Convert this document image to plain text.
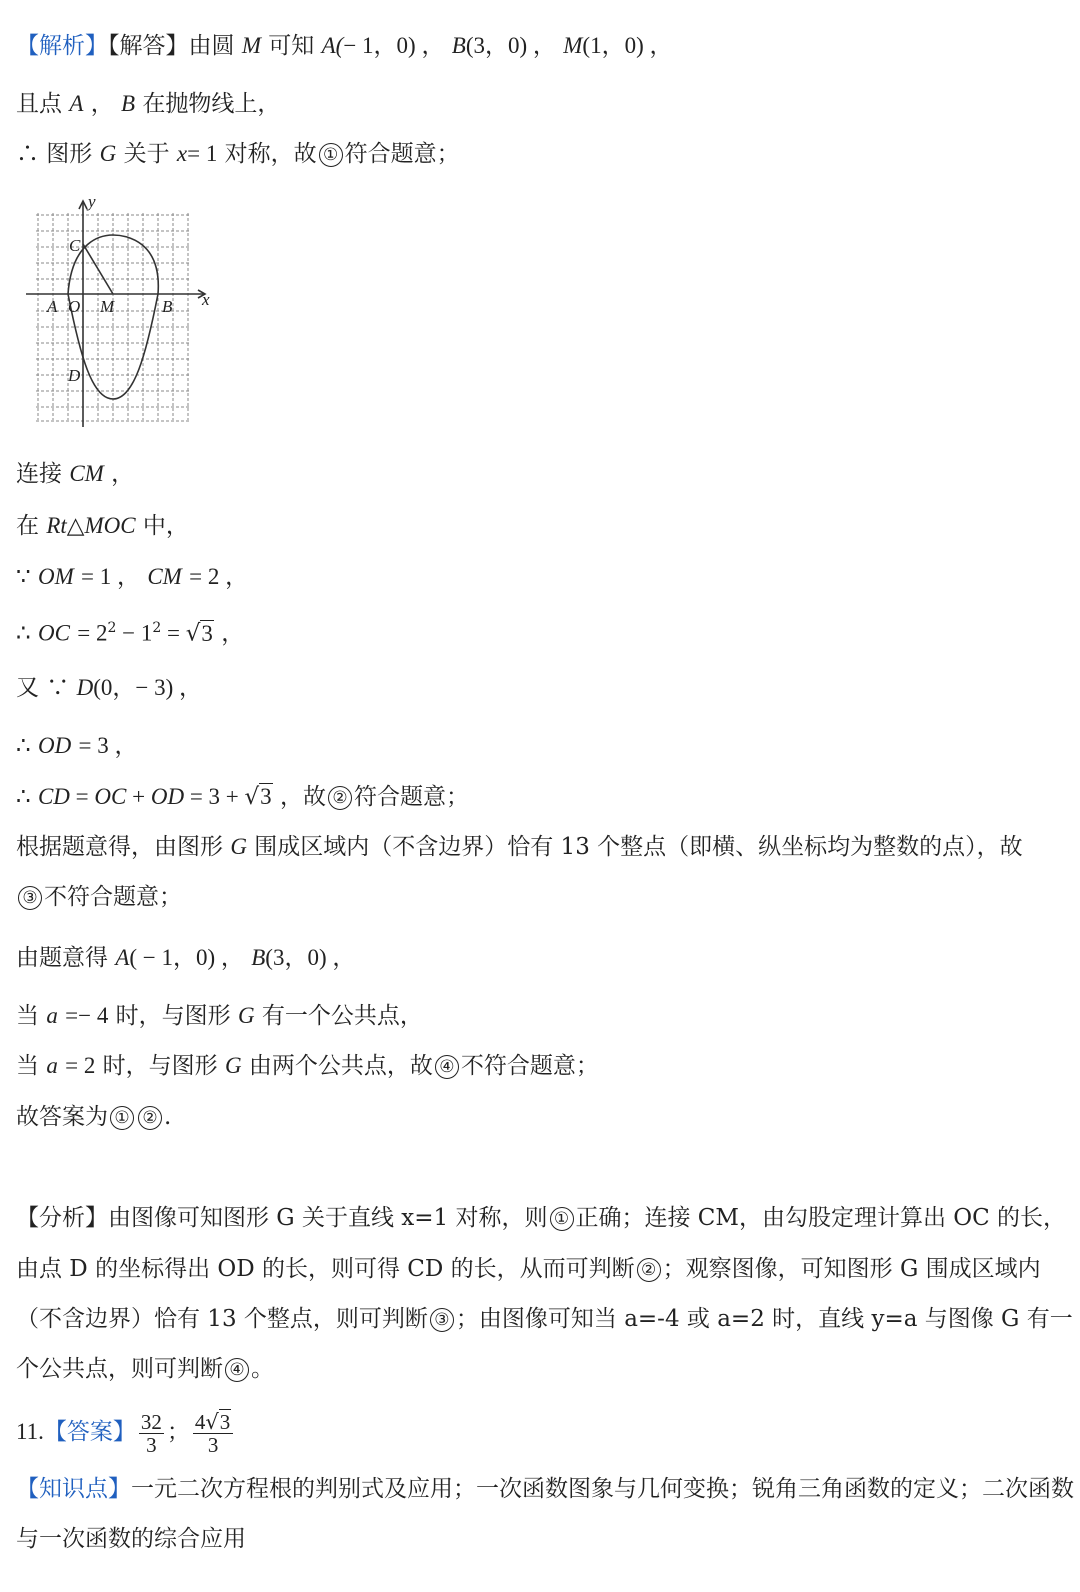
【解析】【解答】由圆 M 可知 A(− 1，0) ， B(3，0) ， M(1，0) ，
且点 A ， B 在抛物线上，
∴ 图形 G 关于 x= 1 对称，故 ① 符合题意；
x
y
A O M	B
C
D
连接 CM ，
在 Rt△MOC 中，
∵ OM = 1 ， CM = 2 ，
∴ OC = $2^2 - 1^2 = √3$ ，
又 ∵ D(0，− 3) ，
∴ OD = 3 ，
∴ CD = OC + OD = 3 + √3 ，故 ② 符合题意；
根据题意得，由图形 G 围成区域内（不含边界）恰有 13 个整点（即横、纵坐标均为整数的点），故
③ 不符合题意；
由题意得 A( − 1，0) ， B(3，0) ，
当 a =− 4 时，与图形 G 有一个公共点，
当 a = 2 时，与图形 G 由两个公共点，故 ④ 不符合题意；
故答案为 ① ② .
【分析】由图像可知图形 G 关于直线 x=1 对称，则 ① 正确；连接 CM，由勾股定理计算出 OC 的长，
由点 D 的坐标得出 OD 的长，则可得 CD 的长，从而可判断 ② ；观察图像，可知图形 G 围成区域内
（不含边界）恰有 13 个整点，则可判断 ③ ；由图像可知当 a=-4 或 a=2 时，直线 y=a 与图像 G 有一
个公共点，则可判断 ④ 。
11.【答案】 $\frac{32}{3}$ ； $\frac{4√3}{3}$
【知识点】一元二次方程根的判别式及应用；一次函数图象与几何变换；锐角三角函数的定义；二次函数
与一次函数的综合应用
